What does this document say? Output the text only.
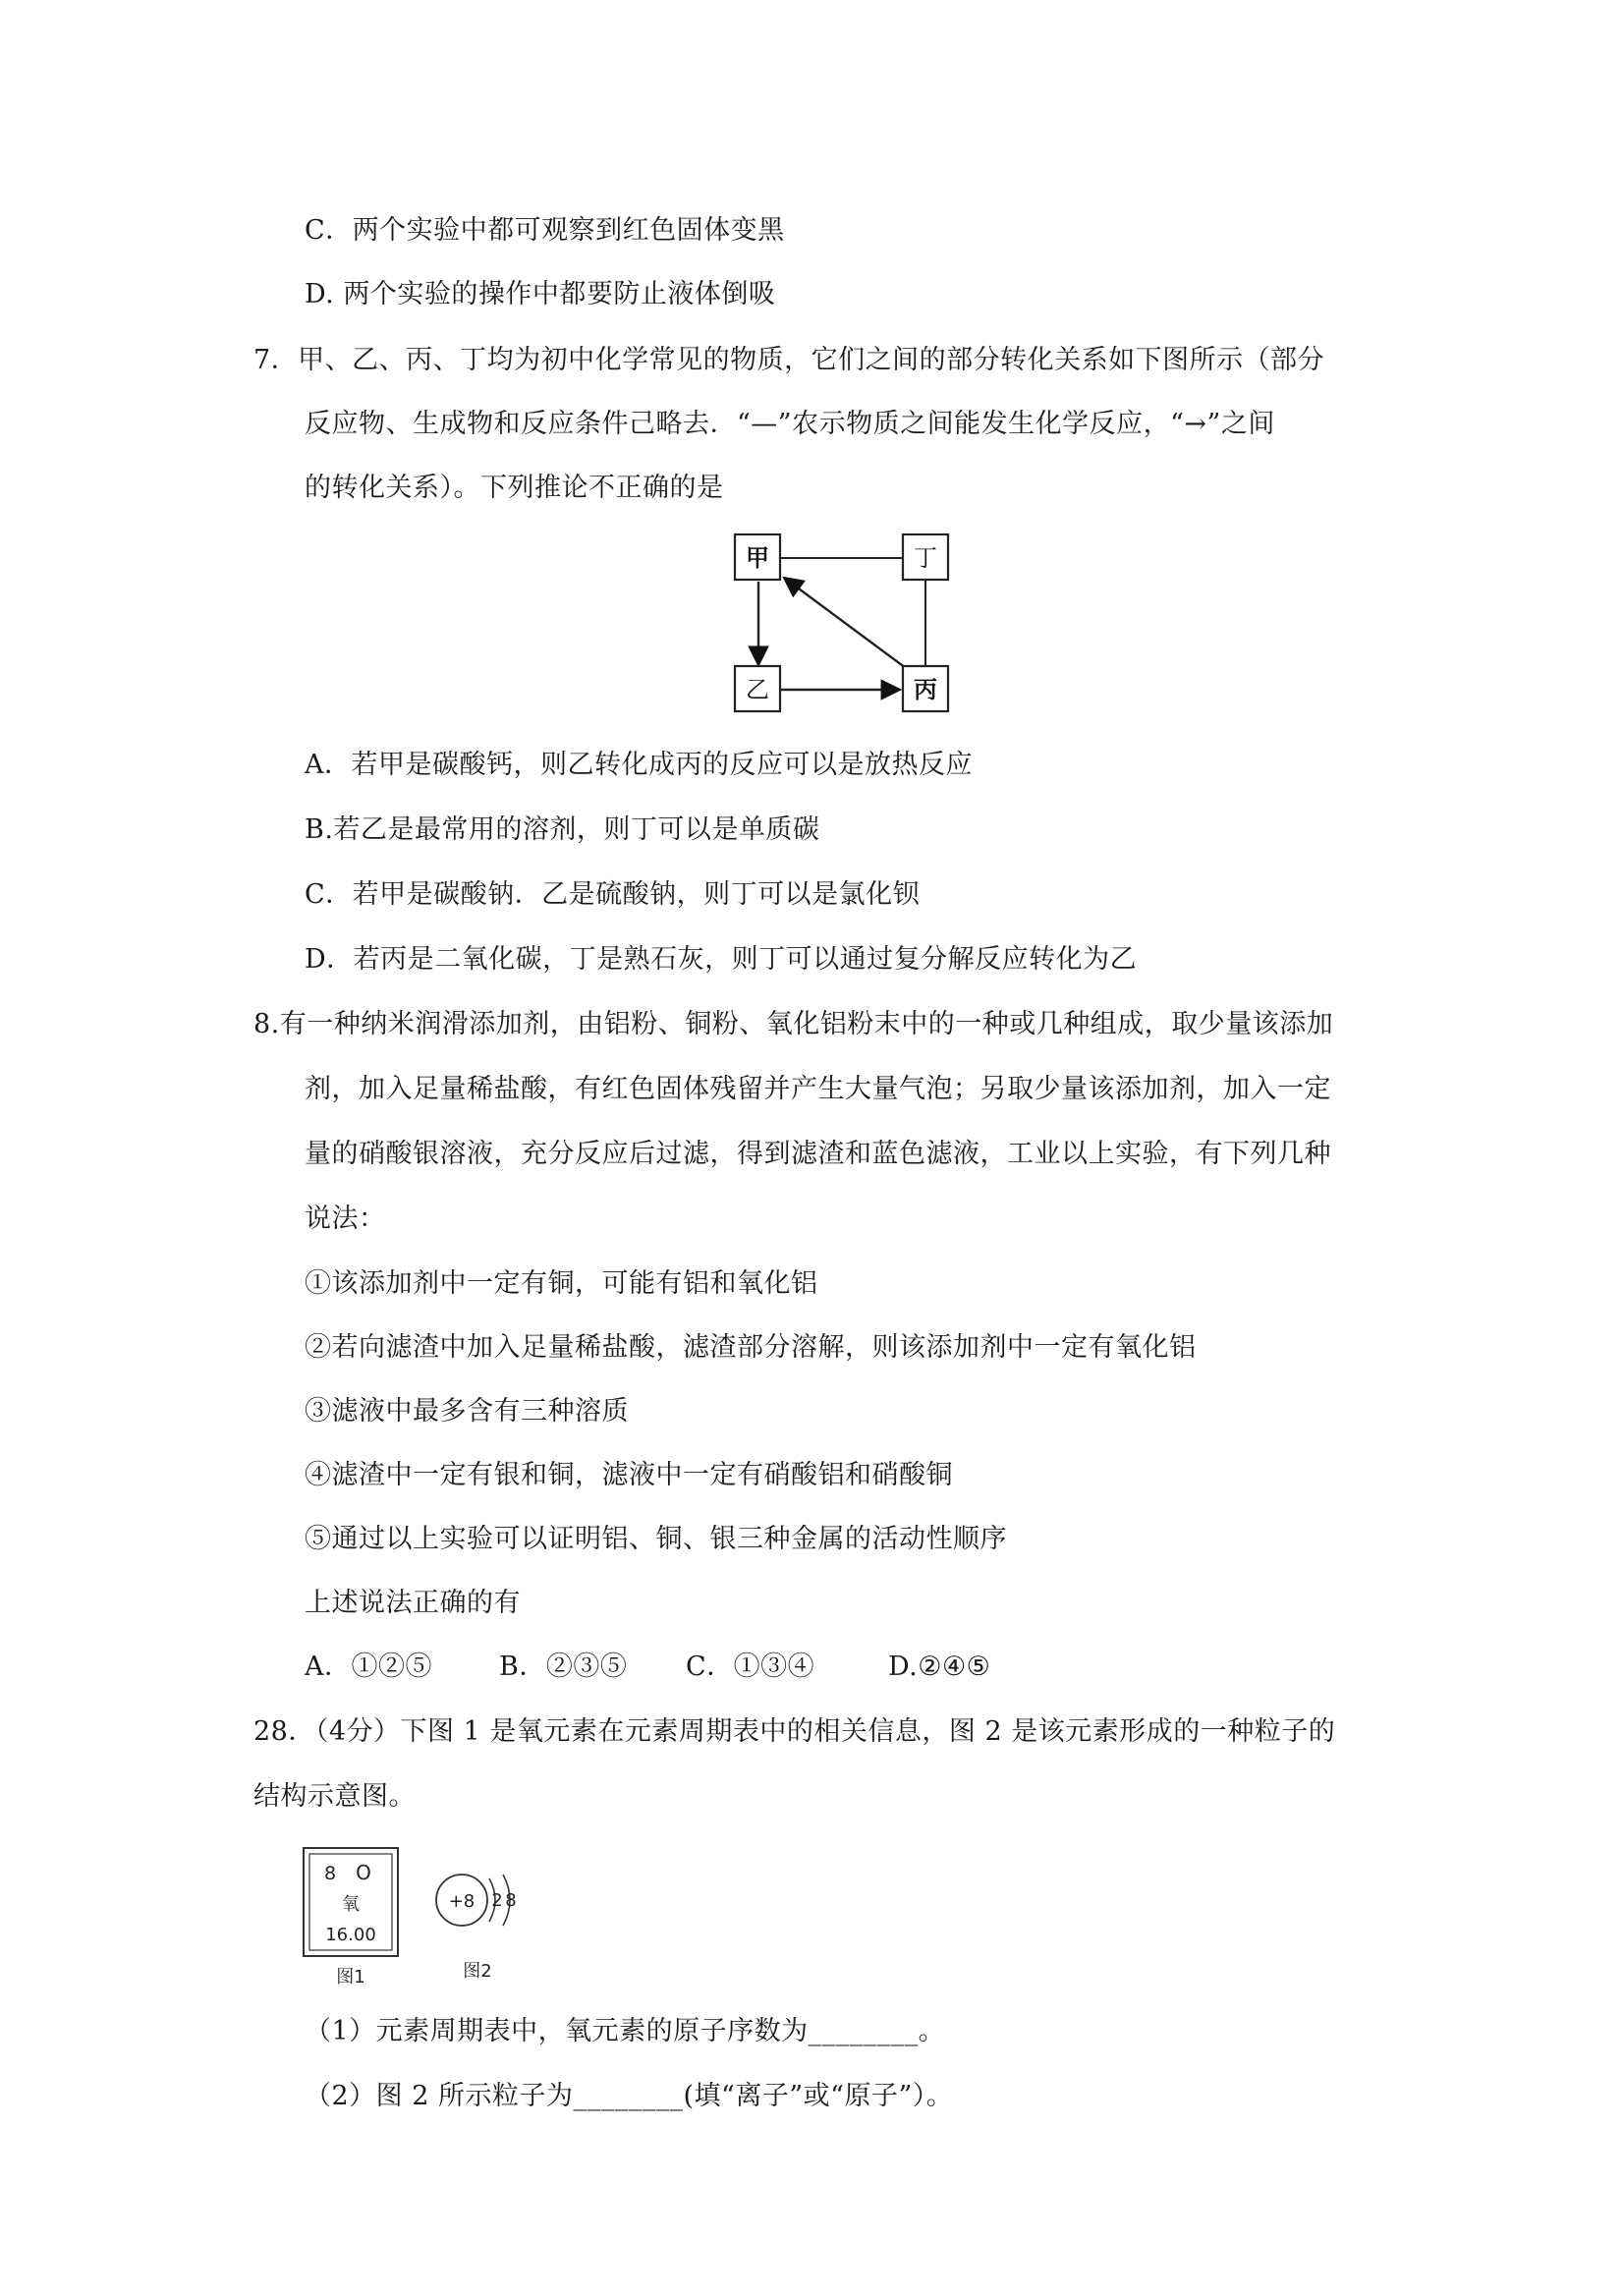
C．两个实验中都可观察到红色固体变黑
D. 两个实验的操作中都要防止液体倒吸
7．甲、乙、丙、丁均为初中化学常见的物质，它们之间的部分转化关系如下图所示（部分
反应物、生成物和反应条件己略去．“—”农示物质之间能发生化学反应，“→”之间
的转化关系）。下列推论不正确的是
甲	丁
乙	丙
A．若甲是碳酸钙，则乙转化成丙的反应可以是放热反应
B.若乙是最常用的溶剂，则丁可以是单质碳
C．若甲是碳酸钠．乙是硫酸钠，则丁可以是氯化钡
D．若丙是二氧化碳，丁是熟石灰，则丁可以通过复分解反应转化为乙
8.有一种纳米润滑添加剂，由铝粉、铜粉、氧化铝粉末中的一种或几种组成，取少量该添加
剂，加入足量稀盐酸，有红色固体残留并产生大量气泡；另取少量该添加剂，加入一定
量的硝酸银溶液，充分反应后过滤，得到滤渣和蓝色滤液，工业以上实验，有下列几种
说法：
①该添加剂中一定有铜，可能有铝和氧化铝
②若向滤渣中加入足量稀盐酸，滤渣部分溶解，则该添加剂中一定有氧化铝
③滤液中最多含有三种溶质
④滤渣中一定有银和铜，滤液中一定有硝酸铝和硝酸铜
⑤通过以上实验可以证明铝、铜、银三种金属的活动性顺序
上述说法正确的有
A．①②⑤	B．②③⑤ C．①③④	D.②④⑤
28．（4分）下图 1 是氧元素在元素周期表中的相关信息，图 2 是该元素形成的一种粒子的
结构示意图。
8 O
氧
16.00
图1
+8 2 8
图2
（1）元素周期表中，氧元素的原子序数为________。
（2）图 2 所示粒子为________(填“离子”或“原子”）。
